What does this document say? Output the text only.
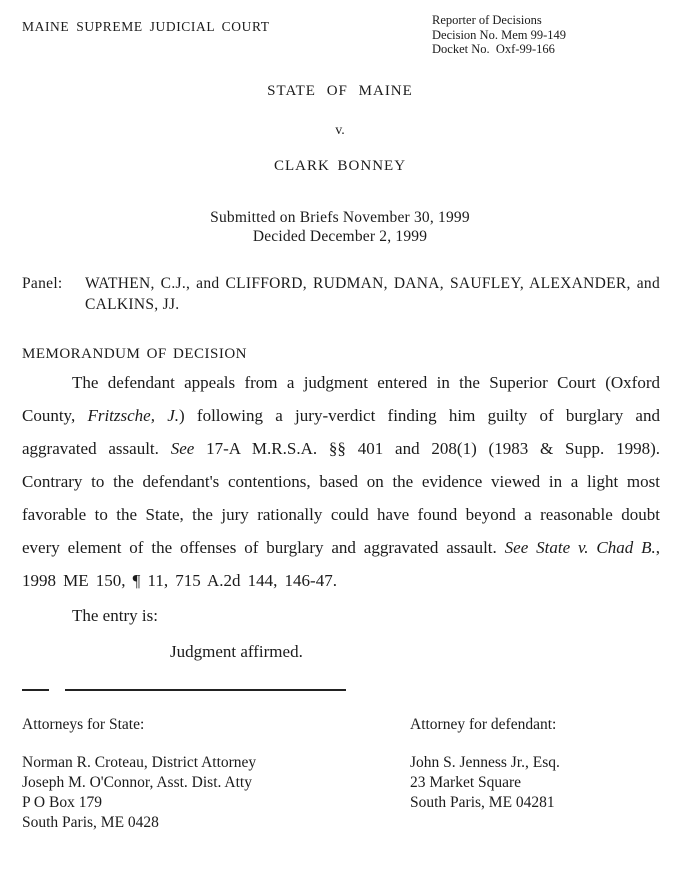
MAINE SUPREME JUDICIAL COURT	Reporter of Decisions
Decision No. Mem 99-149
Docket No.  Oxf-99-166
STATE OF MAINE
v.
CLARK BONNEY
Submitted on Briefs November 30, 1999
Decided December 2, 1999
Panel: WATHEN, C.J., and CLIFFORD, RUDMAN, DANA, SAUFLEY, ALEXANDER, and CALKINS, JJ.
MEMORANDUM OF DECISION

The defendant appeals from a judgment entered in the Superior Court (Oxford County, Fritzsche, J.) following a jury-verdict finding him guilty of burglary and aggravated assault. See 17-A M.R.S.A. §§ 401 and 208(1) (1983 & Supp. 1998). Contrary to the defendant's contentions, based on the evidence viewed in a light most favorable to the State, the jury rationally could have found beyond a reasonable doubt every element of the offenses of burglary and aggravated assault. See State v. Chad B., 1998 ME 150, ¶ 11, 715 A.2d 144, 146-47.

The entry is:
Judgment affirmed.
Attorneys for State:	Attorney for defendant:
Norman R. Croteau, District Attorney
Joseph M. O'Connor, Asst. Dist. Atty
P O Box 179
South Paris, ME 0428
John S. Jenness Jr., Esq.
23 Market Square
South Paris, ME 04281
